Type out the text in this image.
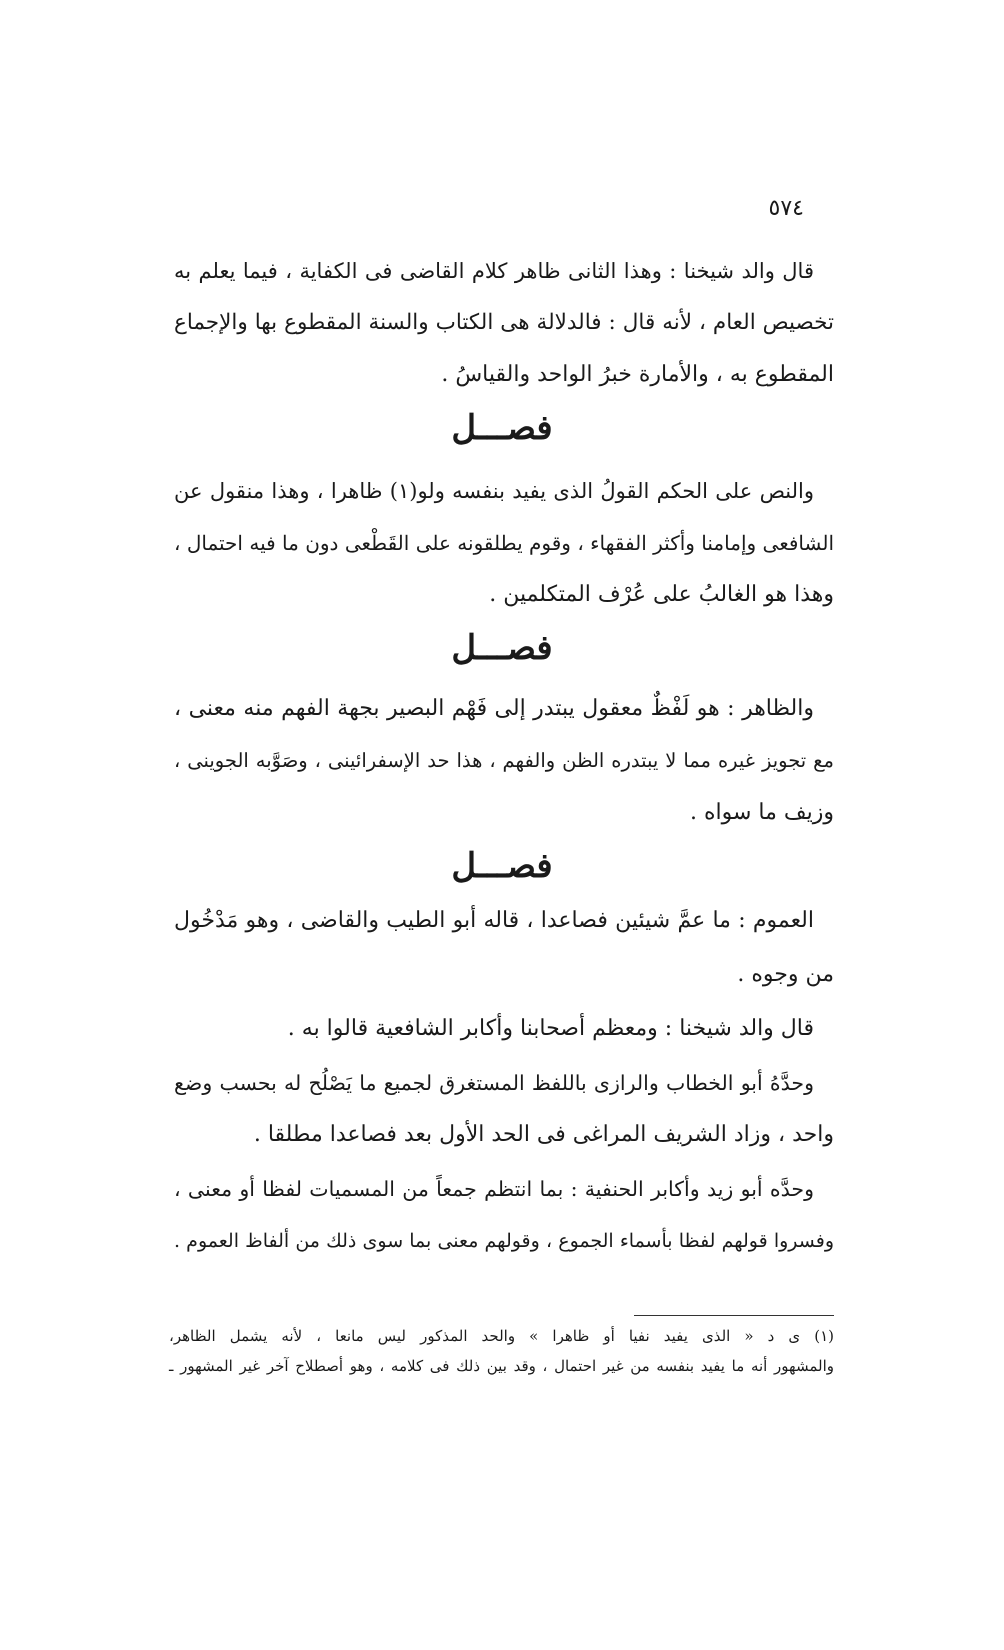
٥٧٤
قال والد شيخنا : وهذا الثانى ظاهر كلام القاضى فى الكفاية ، فيما يعلم به
تخصيص العام ، لأنه قال : فالدلالة هى الكتاب والسنة المقطوع بها والإجماع
المقطوع به ، والأمارة خبرُ الواحد والقياسُ .
فصـــل
والنص على الحكم القولُ الذى يفيد بنفسه ولو(١) ظاهرا ، وهذا منقول عن
الشافعى وإمامنا وأكثر الفقهاء ، وقوم يطلقونه على القَطْعى دون ما فيه احتمال ،
وهذا هو الغالبُ على عُرْف المتكلمين .
فصـــل
والظاهر : هو لَفْظٌ معقول يبتدر إلى فَهْم البصير بجهة الفهم منه معنى ،
مع تجويز غيره مما لا يبتدره الظن والفهم ، هذا حد الإسفرائينى ، وصَوَّبه الجوينى ،
وزيف ما سواه .
فصـــل
العموم : ما عمَّ شيئين فصاعدا ، قاله أبو الطيب والقاضى ، وهو مَدْخُول
من وجوه .
قال والد شيخنا : ومعظم أصحابنا وأكابر الشافعية قالوا به .
وحدَّهُ أبو الخطاب والرازى باللفظ المستغرق لجميع ما يَصْلُح له بحسب وضع
واحد ، وزاد الشريف المراغى فى الحد الأول بعد فصاعدا مطلقا .
وحدَّه أبو زيد وأكابر الحنفية : بما انتظم جمعاً من المسميات لفظا أو معنى ،
وفسروا قولهم لفظا بأسماء الجموع ، وقولهم معنى بما سوى ذلك من ألفاظ العموم .
(١) ى د « الذى يفيد نفيا أو ظاهرا » والحد المذكور ليس مانعا ، لأنه يشمل الظاهر،
والمشهور أنه ما يفيد بنفسه من غير احتمال ، وقد بين ذلك فى كلامه ، وهو أصطلاح آخر غير المشهور ـ
